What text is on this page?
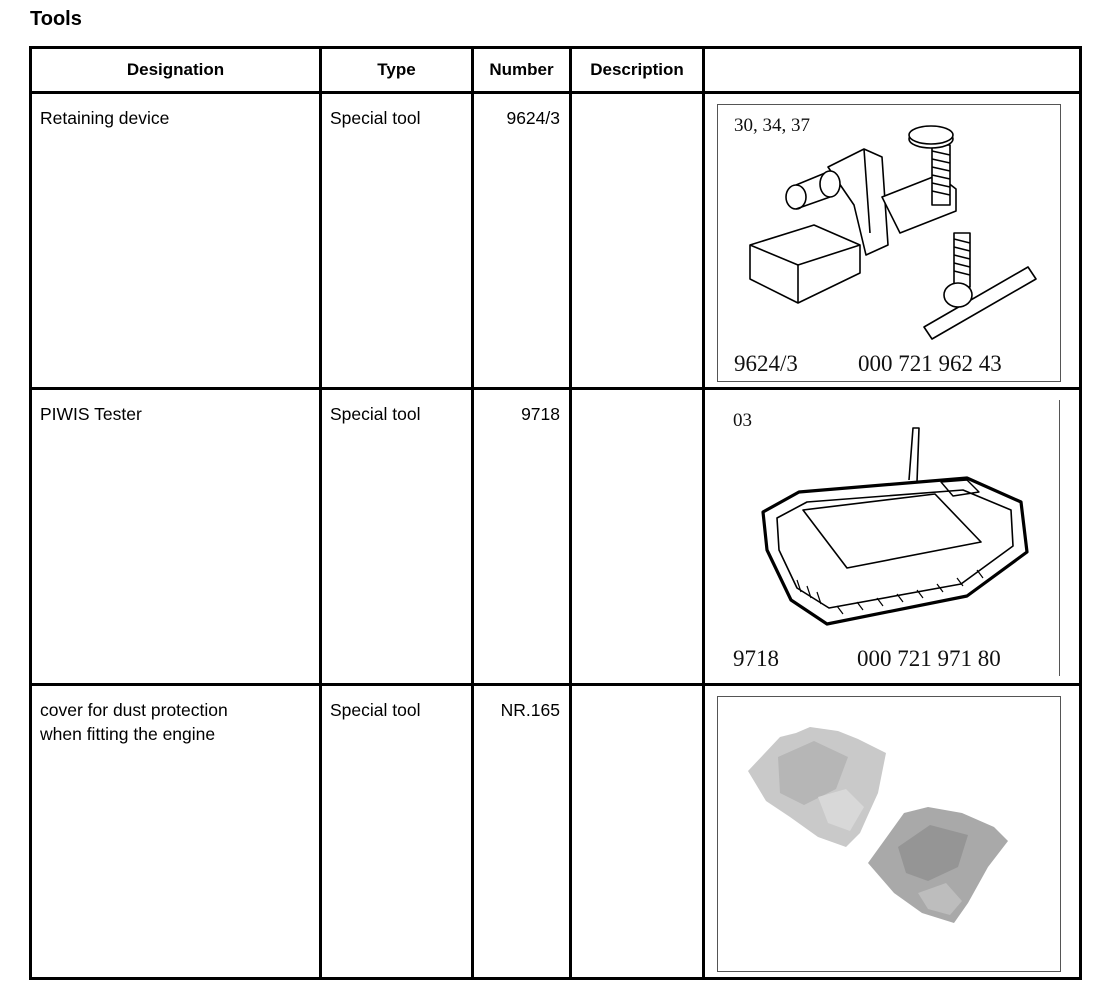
Tools
Designation	Type	Number	Description	

Retaining device	Special tool	9624/3		30, 34, 37
9624/3 000 721 962 43

PIWIS Tester	Special tool	9718		03
9718 000 721 971 80

cover for dust protection
when fitting the engine	Special tool	NR.165
